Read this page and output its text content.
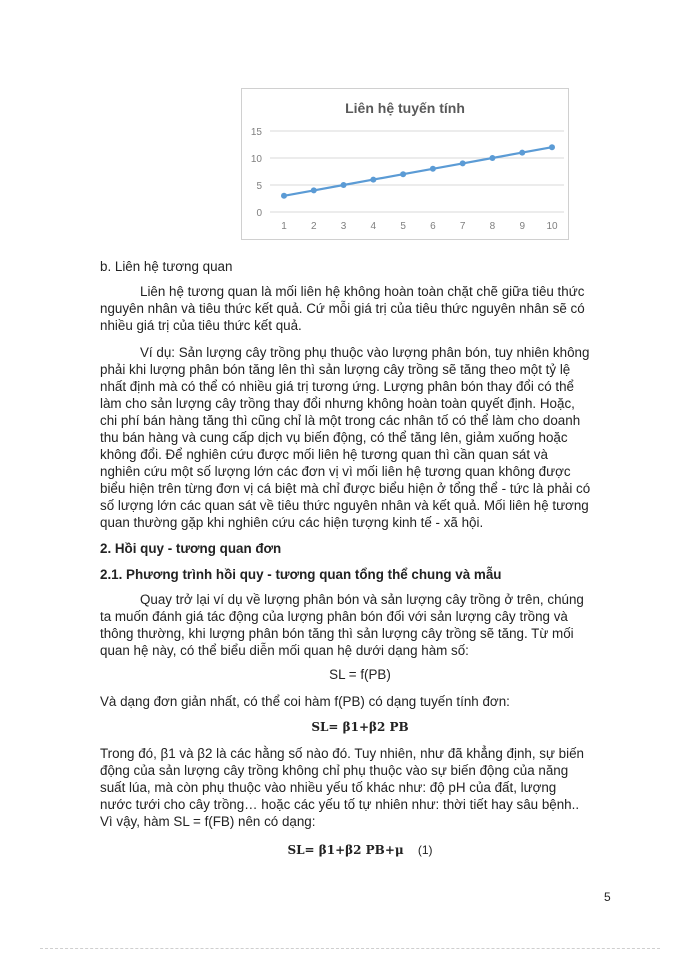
Liên hệ tuyến tính
0
5
10
15
1 2 3 4 5 6 7 8 9 10
b. Liên hệ tương quan
Liên hệ tương quan là mối liên hệ không hoàn toàn chặt chẽ giữa tiêu thức
nguyên nhân và tiêu thức kết quả. Cứ mỗi giá trị của tiêu thức nguyên nhân sẽ có
nhiều giá trị của tiêu thức kết quả.
Ví dụ: Sản lượng cây trồng phụ thuộc vào lượng phân bón, tuy nhiên không
phải khi lượng phân bón tăng lên thì sản lượng cây trồng sẽ tăng theo một tỷ lệ
nhất định mà có thể có nhiều giá trị tương ứng. Lượng phân bón thay đổi có thể
làm cho sản lượng cây trồng thay đổi nhưng không hoàn toàn quyết định. Hoặc,
chi phí bán hàng tăng thì cũng chỉ là một trong các nhân tố có thể làm cho doanh
thu bán hàng và cung cấp dịch vụ biến động, có thể tăng lên, giảm xuống hoặc
không đổi. Để nghiên cứu được mối liên hệ tương quan thì cần quan sát và
nghiên cứu một số lượng lớn các đơn vị vì mối liên hệ tương quan không được
biểu hiện trên từng đơn vị cá biệt mà chỉ được biểu hiện ở tổng thể - tức là phải có
số lượng lớn các quan sát về tiêu thức nguyên nhân và kết quả. Mối liên hệ tương
quan thường gặp khi nghiên cứu các hiện tượng kinh tế - xã hội.
2. Hồi quy - tương quan đơn
2.1. Phương trình hồi quy - tương quan tổng thể chung và mẫu
Quay trở lại ví dụ về lượng phân bón và sản lượng cây trồng ở trên, chúng
ta muốn đánh giá tác động của lượng phân bón đối với sản lượng cây trồng và
thông thường, khi lượng phân bón tăng thì sản lượng cây trồng sẽ tăng. Từ mối
quan hệ này, có thể biểu diễn mối quan hệ dưới dạng hàm số:
SL = f(PB)
Và dạng đơn giản nhất, có thể coi hàm f(PB) có dạng tuyến tính đơn:
SL= β1+β2 PB
Trong đó, β1 và β2 là các hằng số nào đó. Tuy nhiên, như đã khẳng định, sự biến
động của sản lượng cây trồng không chỉ phụ thuộc vào sự biến động của năng
suất lúa, mà còn phụ thuộc vào nhiều yếu tố khác như: độ pH của đất, lượng
nước tưới cho cây trồng… hoặc các yếu tố tự nhiên như: thời tiết hay sâu bệnh..
Vì vậy, hàm SL = f(FB) nên có dạng:
SL= β1+β2 PB+μ (1)
5
